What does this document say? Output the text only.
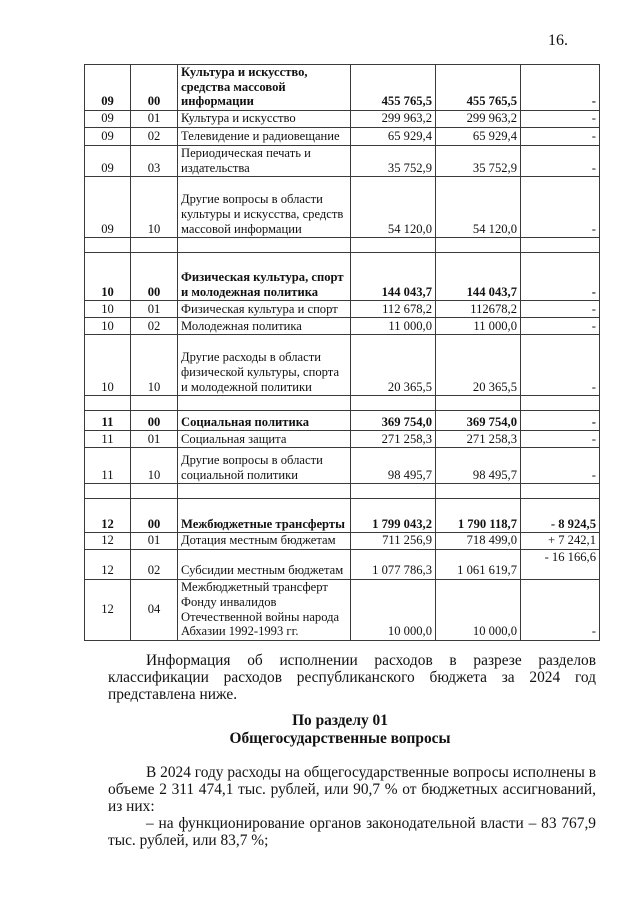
16.
09	00	Культура и искусство, средства массовой информации	455 765,5	455 765,5	-
09	01	Культура и искусство	299 963,2	299 963,2	-
09	02	Телевидение и радиовещание	65 929,4	65 929,4	-
09	03	Периодическая печать и издательства	35 752,9	35 752,9	-
09	10	Другие вопросы в области культуры и искусства, средств массовой информации	54 120,0	54 120,0	-

10	00	Физическая культура, спорт и молодежная политика	144 043,7	144 043,7	-
10	01	Физическая культура и спорт	112 678,2	112678,2	-
10	02	Молодежная политика	11 000,0	11 000,0	-
10	10	Другие расходы в области физической культуры, спорта и молодежной политики	20 365,5	20 365,5	-

11	00	Социальная политика	369 754,0	369 754,0	-
11	01	Социальная защита	271 258,3	271 258,3	-
11	10	Другие вопросы в области социальной политики	98 495,7	98 495,7	-

12	00	Межбюджетные трансферты	1 799 043,2	1 790 118,7	- 8 924,5
12	01	Дотация местным бюджетам	711 256,9	718 499,0	+ 7 242,1
12	02	Субсидии местным бюджетам	1 077 786,3	1 061 619,7	- 16 166,6
12	04	Межбюджетный трансферт Фонду инвалидов Отечественной войны народа Абхазии 1992-1993 гг.	10 000,0	10 000,0	-
Информация об исполнении расходов в разрезе разделов классификации расходов республиканского бюджета за 2024 год представлена ниже.
По разделу 01
Общегосударственные вопросы
В 2024 году расходы на общегосударственные вопросы исполнены в объеме 2 311 474,1 тыс. рублей, или 90,7 % от бюджетных ассигнований, из них:
– на функционирование органов законодательной власти – 83 767,9 тыс. рублей, или 83,7 %;
